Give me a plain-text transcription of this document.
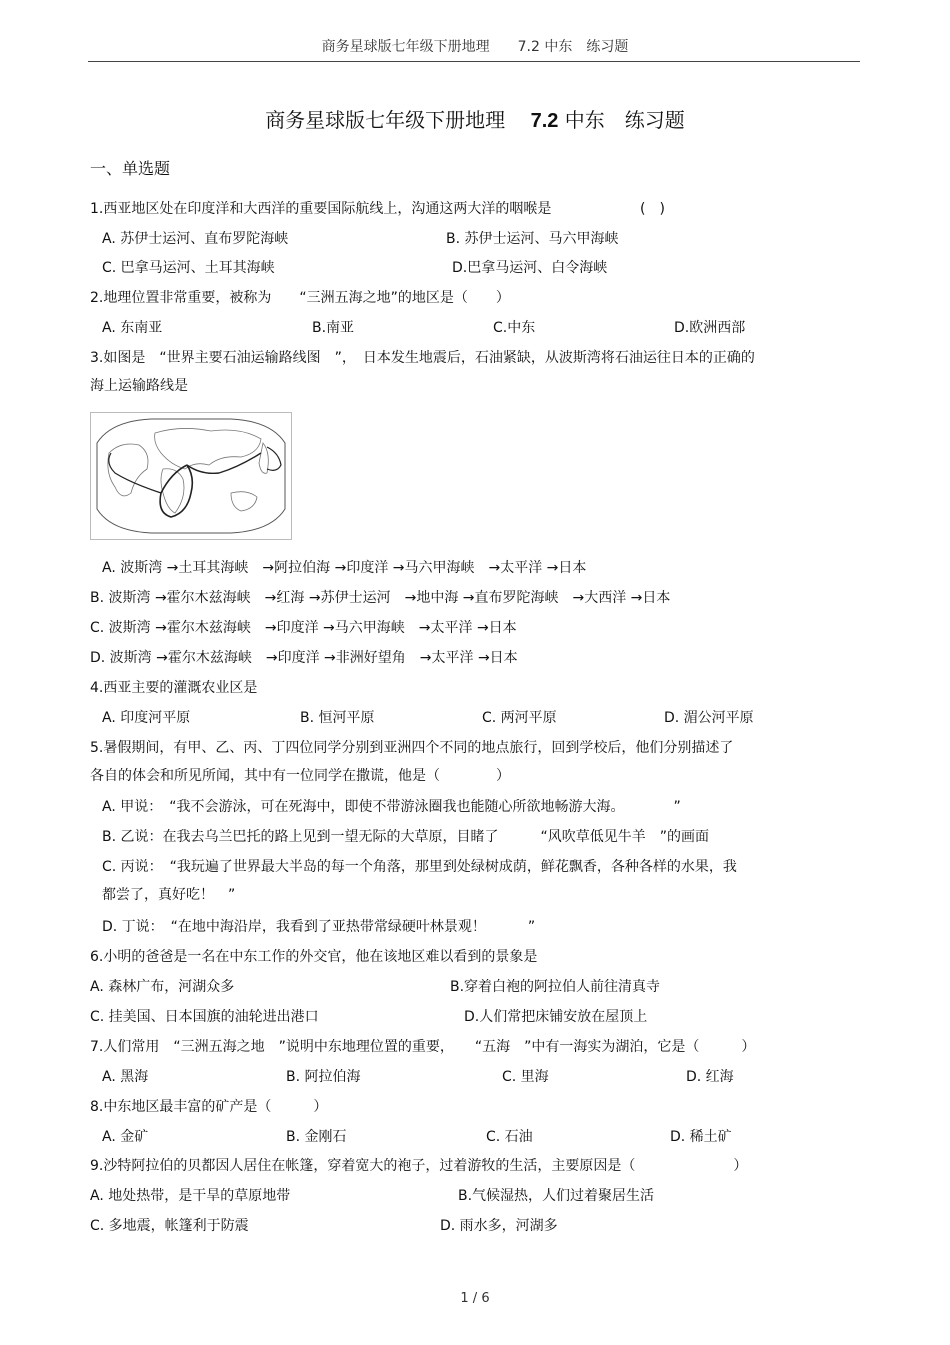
商务星球版七年级下册地理　　7.2 中东　练习题
商务星球版七年级下册地理 7.2 中东　练习题
一、单选题
1.西亚地区处在印度洋和大西洋的重要国际航线上，沟通这两大洋的咽喉是	(　)
A. 苏伊士运河、直布罗陀海峡	B. 苏伊士运河、马六甲海峡
C. 巴拿马运河、土耳其海峡	D.巴拿马运河、白令海峡
2.地理位置非常重要，被称为　　“三洲五海之地”的地区是（　　）
A. 东南亚	B.南亚	C.中东	D.欧洲西部
3.如图是　“世界主要石油运输路线图　”，　日本发生地震后，石油紧缺，从波斯湾将石油运往日本的正确的
海上运输路线是
A. 波斯湾 →土耳其海峡　→阿拉伯海 →印度洋 →马六甲海峡　→太平洋 →日本
B. 波斯湾 →霍尔木兹海峡　→红海 →苏伊士运河　→地中海 →直布罗陀海峡　→大西洋 →日本
C. 波斯湾 →霍尔木兹海峡　→印度洋 →马六甲海峡　→太平洋 →日本
D. 波斯湾 →霍尔木兹海峡　→印度洋 →非洲好望角　→太平洋 →日本
4.西亚主要的灌溉农业区是
A. 印度河平原	B. 恒河平原	C. 两河平原	D. 湄公河平原
5.暑假期间，有甲、乙、丙、丁四位同学分别到亚洲四个不同的地点旅行，回到学校后，他们分别描述了
各自的体会和所见所闻，其中有一位同学在撒谎，他是（　　　　）
A. 甲说：　“我不会游泳，可在死海中，即使不带游泳圈我也能随心所欲地畅游大海。　　　　”
B. 乙说：在我去乌兰巴托的路上见到一望无际的大草原，目睹了　　　“风吹草低见牛羊　”的画面
C. 丙说：　“我玩遍了世界最大半岛的每一个角落，那里到处绿树成荫，鲜花飘香，各种各样的水果，我
都尝了，真好吃！　”
D. 丁说：　“在地中海沿岸，我看到了亚热带常绿硬叶林景观！　　　”
6.小明的爸爸是一名在中东工作的外交官，他在该地区难以看到的景象是
A. 森林广布，河湖众多	B.穿着白袍的阿拉伯人前往清真寺
C. 挂美国、日本国旗的油轮进出港口	D.人们常把床铺安放在屋顶上
7.人们常用　“三洲五海之地　”说明中东地理位置的重要，　　“五海　”中有一海实为湖泊，它是（　　　）
A. 黑海	B. 阿拉伯海	C. 里海	D. 红海
8.中东地区最丰富的矿产是（　　　）
A. 金矿	B. 金刚石	C. 石油	D. 稀土矿
9.沙特阿拉伯的贝都因人居住在帐篷，穿着宽大的袍子，过着游牧的生活，主要原因是（　　　　　　　）
A. 地处热带，是干旱的草原地带	B.气候湿热，人们过着聚居生活
C. 多地震，帐篷利于防震	D. 雨水多，河湖多
1 / 6
